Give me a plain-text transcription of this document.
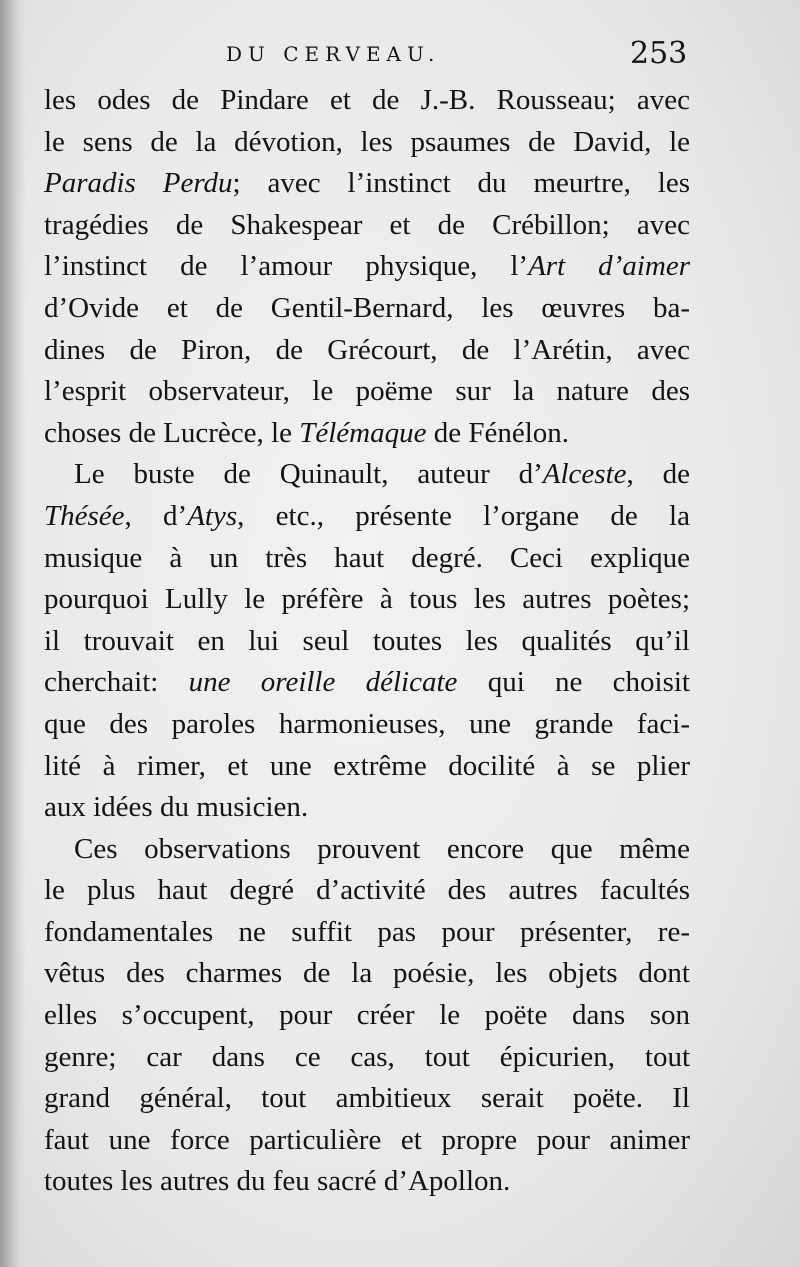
DU CERVEAU.	253
les odes de Pindare et de J.-B. Rousseau; avec
le sens de la dévotion, les psaumes de David, le
Paradis Perdu; avec l’instinct du meurtre, les
tragédies de Shakespear et de Crébillon; avec
l’instinct de l’amour physique, l’Art d’aimer
d’Ovide et de Gentil-Bernard, les œuvres ba-
dines de Piron, de Grécourt, de l’Arétin, avec
l’esprit observateur, le poëme sur la nature des
choses de Lucrèce, le Télémaque de Fénélon.
Le buste de Quinault, auteur d’Alceste, de
Thésée, d’Atys, etc., présente l’organe de la
musique à un très haut degré. Ceci explique
pourquoi Lully le préfère à tous les autres poètes;
il trouvait en lui seul toutes les qualités qu’il
cherchait: une oreille délicate qui ne choisit
que des paroles harmonieuses, une grande faci-
lité à rimer, et une extrême docilité à se plier
aux idées du musicien.
Ces observations prouvent encore que même
le plus haut degré d’activité des autres facultés
fondamentales ne suffit pas pour présenter, re-
vêtus des charmes de la poésie, les objets dont
elles s’occupent, pour créer le poëte dans son
genre; car dans ce cas, tout épicurien, tout
grand général, tout ambitieux serait poëte. Il
faut une force particulière et propre pour animer
toutes les autres du feu sacré d’Apollon.
